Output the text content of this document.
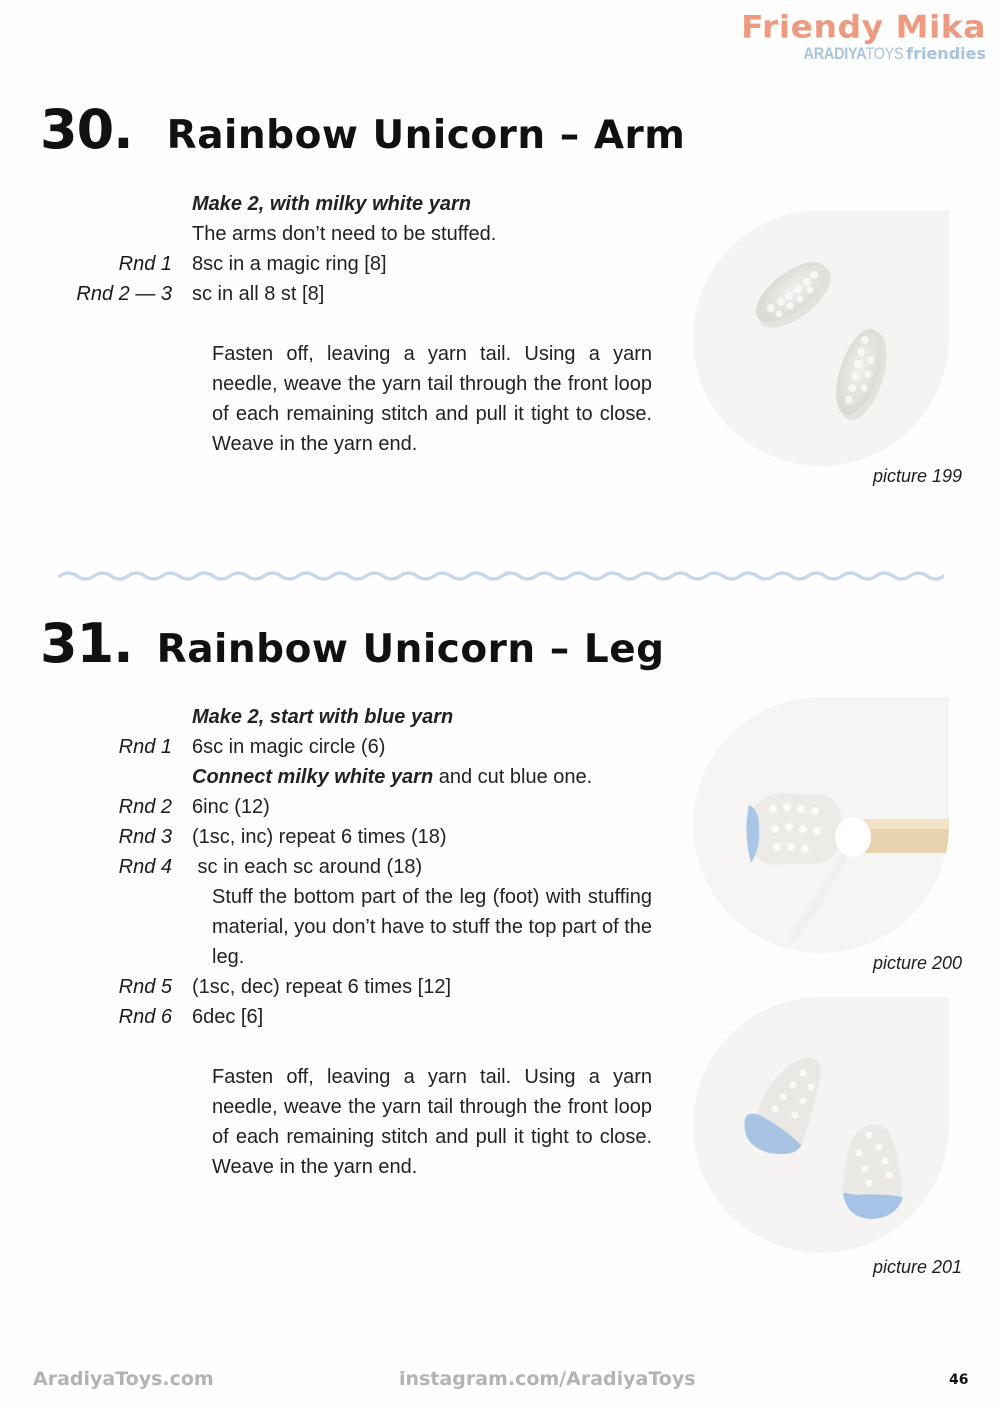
Friendy Mika
ARADIYATOYS friendies
30. Rainbow Unicorn – Arm
Make 2, with milky white yarn
The arms don’t need to be stuffed.
Rnd 1	8sc in a magic ring [8]
Rnd 2 — 3	sc in all 8 st [8]
Fasten off, leaving a yarn tail. Using a yarn needle, weave the yarn tail through the front loop of each remaining stitch and pull it tight to close. Weave in the yarn end.
picture 199
31. Rainbow Unicorn – Leg
Make 2, start with blue yarn
Rnd 1	6sc in magic circle (6)
Connect milky white yarn and cut blue one.
Rnd 2	6inc (12)
Rnd 3	(1sc, inc) repeat 6 times (18)
Rnd 4	sc in each sc around (18)
Stuff the bottom part of the leg (foot) with stuffing material, you don’t have to stuff the top part of the leg.
Rnd 5	(1sc, dec) repeat 6 times [12]
Rnd 6	6dec [6]
Fasten off, leaving a yarn tail. Using a yarn needle, weave the yarn tail through the front loop of each remaining stitch and pull it tight to close. Weave in the yarn end.
picture 200
picture 201
AradiyaToys.com	instagram.com/AradiyaToys	46
